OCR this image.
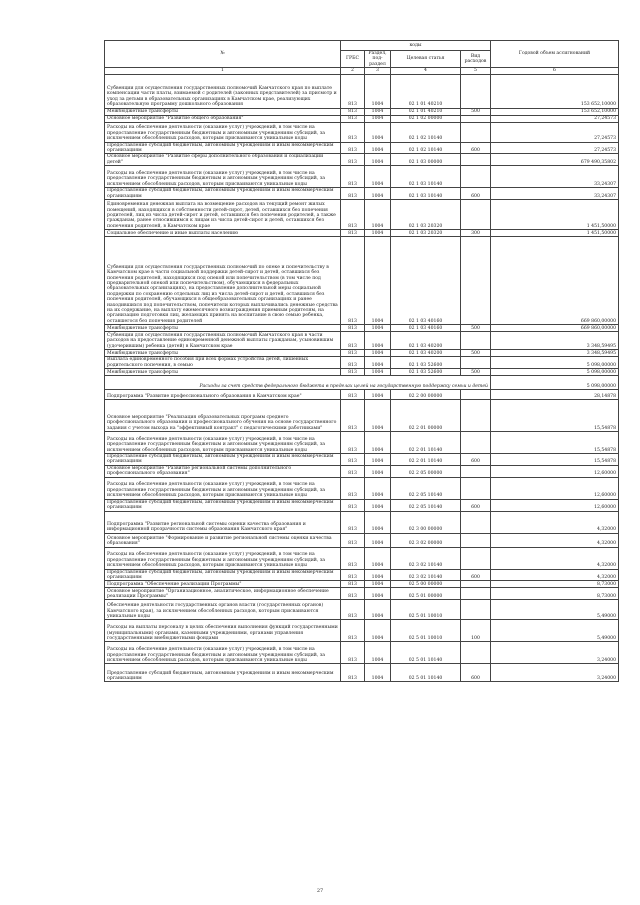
№	коды				Годовой объем ассигнований
	ГРБС	Раздел, под-раздел	Целевая статья	Вид расходов	
1	2	3	4	5	6
Субвенции для осуществления государственных полномочий Камчатского края по выплате компенсации части платы, взимаемой с родителей (законных представителей) за присмотр и уход за детьми в образовательных организациях в Камчатском крае, реализующих образовательную программу дошкольного образования	813	1004	02 1 01 40210		153 652,10000
Межбюджетные трансферты	813	1004	02 1 01 40210	500	153 652,10000
Основное мероприятие "Развитие общего образования"	813	1004	02 1 02 00000		27,24573
Расходы на обеспечение деятельности (оказание услуг) учреждений, в том числе на предоставление государственным бюджетным и автономным учреждениям субсидий, за исключением обособленных расходов, которым присваиваются уникальные коды	813	1004	02 1 02 10140		27,24573
Предоставление субсидий бюджетным, автономным учреждениям и иным некоммерческим организациям	813	1004	02 1 02 10140	600	27,24573
Основное мероприятие "Развитие сферы дополнительного образования и социализации детей"	813	1004	02 1 03 00000		679 490,35802
Расходы на обеспечение деятельности (оказание услуг) учреждений, в том числе на предоставление государственным бюджетным и автономным учреждениям субсидий, за исключением обособленных расходов, которым присваиваются уникальные коды	813	1004	02 1 03 10140		33,24307
Предоставление субсидий бюджетным, автономным учреждениям и иным некоммерческим организациям	813	1004	02 1 03 10140	600	33,24307
Единовременная денежная выплата на возмещение расходов на текущий ремонт жилых помещений, находящихся в собственности детей-сирот, детей, оставшихся без попечения родителей, лиц из числа детей-сирот и детей, оставшихся без попечения родителей, а также гражданам, ранее относившимся к лицам из числа детей-сирот и детей, оставшихся без попечения родителей, в Камчатском крае	813	1004	02 1 03 20320		1 451,50000
Социальное обеспечение и иные выплаты населению	813	1004	02 1 03 20320	300	1 451,50000
Субвенции для осуществления государственных полномочий по опеке и попечительству в Камчатском крае в части социальной поддержки детей-сирот и детей, оставшихся без попечения родителей, находящихся под опекой или попечительством (в том числе под предварительной опекой или попечительством), обучающихся в федеральных образовательных организациях), на предоставление дополнительной меры социальной поддержки по сохранению отдельных лиц из числа детей-сирот и детей, оставшихся без попечения родителей, обучающихся в общеобразовательных организациях и ранее находившихся под попечительством, попечители которых выплачивались денежные средства на их содержание, на выплату ежемесячного вознаграждения приемным родителям, на организацию подготовки лиц, желающих принять на воспитание в свою семью ребенка, оставшегося без попечения родителей	813	1004	02 1 03 40160		669 860,00000
Межбюджетные трансферты	813	1004	02 1 03 40160	500	669 860,00000
Субвенции для осуществления государственных полномочий Камчатского края в части расходов на предоставление единовременной денежной выплаты гражданам, усыновившим (удочерившим) ребенка (детей) в Камчатском крае	813	1004	02 1 03 40200		3 348,59495
Межбюджетные трансферты	813	1004	02 1 03 40200	500	3 348,59495
Выплата единовременного пособия при всех формах устройства детей, лишенных родительского попечения, в семью	813	1004	02 1 03 52600		5 098,00000
Межбюджетные трансферты	813	1004	02 1 03 52600	500	5 098,00000
Расходы за счет средств федерального бюджета в пределах целей на государственную поддержку семьи и детей					5 098,00000
Подпрограмма "Развитие профессионального образования в Камчатском крае"	813	1004	02 2 00 00000		28,14878
Основное мероприятие "Реализация образовательных программ среднего профессионального образования и профессионального обучения на основе государственного задания с учетом выхода на "эффективный контракт" с педагогическими работниками"	813	1004	02 2 01 00000		15,54878
Расходы на обеспечение деятельности (оказание услуг) учреждений, в том числе на предоставление государственным бюджетным и автономным учреждениям субсидий, за исключением обособленных расходов, которым присваиваются уникальные коды	813	1004	02 2 01 10140		15,54878
Предоставление субсидий бюджетным, автономным учреждениям и иным некоммерческим организациям	813	1004	02 2 01 10140	600	15,54878
Основное мероприятие "Развитие региональной системы дополнительного профессионального образования"	813	1004	02 2 05 00000		12,60000
Расходы на обеспечение деятельности (оказание услуг) учреждений, в том числе на предоставление государственным бюджетным и автономным учреждениям субсидий, за исключением обособленных расходов, которым присваиваются уникальные коды	813	1004	02 2 05 10140		12,60000
Предоставление субсидий бюджетным, автономным учреждениям и иным некоммерческим организациям	813	1004	02 2 05 10140	600	12,60000
Подпрограмма "Развитие региональной системы оценки качества образования и информационной прозрачности системы образования Камчатского края"	813	1004	02 3 00 00000		4,32000
Основное мероприятие "Формирование и развитие региональной системы оценки качества образования"	813	1004	02 3 02 00000		4,32000
Расходы на обеспечение деятельности (оказание услуг) учреждений, в том числе на предоставление государственным бюджетным и автономным учреждениям субсидий, за исключением обособленных расходов, которым присваиваются уникальные коды	813	1004	02 3 02 10140		4,32000
Предоставление субсидий бюджетным, автономным учреждениям и иным некоммерческим организациям	813	1004	02 3 02 10140	600	4,32000
Подпрограмма "Обеспечение реализации Программы"	813	1004	02 5 00 00000		8,73000
Основное мероприятие "Организационное, аналитическое, информационное обеспечение реализации Программы"	813	1004	02 5 01 00000		8,73000
Обеспечение деятельности государственных органов власти (государственных органов) Камчатского края), за исключением обособленных расходов, которым присваиваются уникальные коды	813	1004	02 5 01 10010		5,49000
Расходы на выплаты персоналу в целях обеспечения выполнения функций государственными (муниципальными) органами, казенными учреждениями, органами управления государственными внебюджетными фондами	813	1004	02 5 01 10010	100	5,49000
Расходы на обеспечение деятельности (оказание услуг) учреждений, в том числе на предоставление государственным бюджетным и автономным учреждениям субсидий, за исключением обособленных расходов, которым присваиваются уникальные коды	813	1004	02 5 01 10140		3,24000
Предоставление субсидий бюджетным, автономным учреждениям и иным некоммерческим организациям	813	1004	02 5 01 10140	600	3,24000
27
